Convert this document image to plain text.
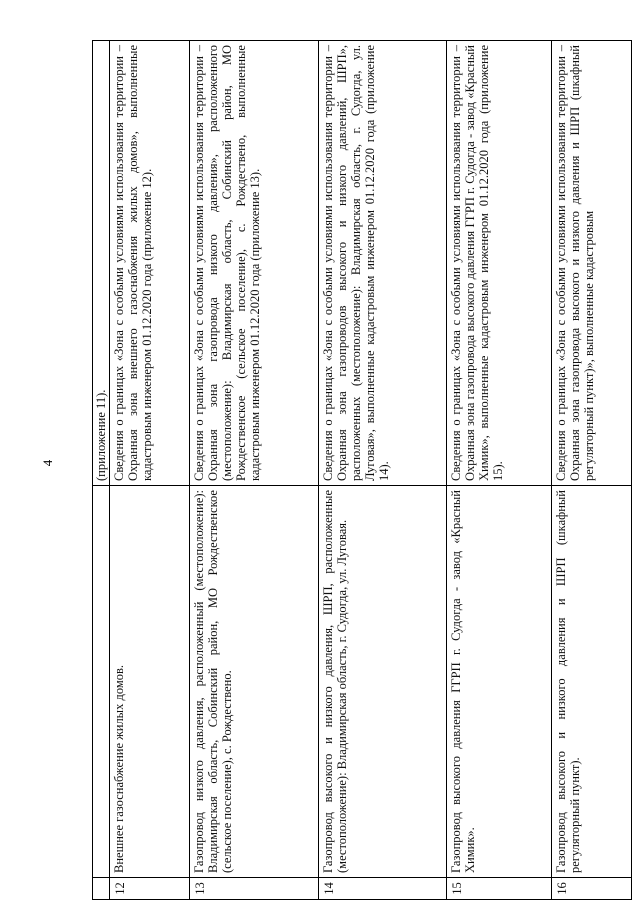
4
			(приложение 11).
12	Внешнее газоснабжение жилых домов.	Сведения о границах «Зона с особыми условиями использования территории – Охранная зона внешнего газоснабжения жилых домов», выполненные кадастровым инженером 01.12.2020 года (приложение 12).
13	Газопровод низкого давления, расположенный (местоположение): Владимирская область, Собинский район, МО Рождественское (сельское поселение), с. Рождествено.	Сведения о границах «Зона с особыми условиями использования территории – Охранная зона газопровода низкого давления», расположенного (местоположение): Владимирская область, Собинский район, МО Рождественское (сельское поселение), с. Рождествено, выполненные кадастровым инженером 01.12.2020 года (приложение 13).
14	Газопровод высокого и низкого давления, ШРП, расположенные (местоположение): Владимирская область, г. Судогда, ул. Луговая.	Сведения о границах «Зона с особыми условиями использования территории – Охранная зона газопроводов высокого и низкого давлений, ШРП», расположенных (местоположение): Владимирская область, г. Судогда, ул. Луговая», выполненные кадастровым инженером 01.12.2020 года (приложение 14).
15	Газопровод высокого давления ГГРП г. Судогда - завод «Красный Химик».	Сведения о границах «Зона с особыми условиями использования территории – Охранная зона газопровода высокого давления ГГРП г. Судогда - завод «Красный Химик», выполненные кадастровым инженером 01.12.2020 года (приложение 15).
16	Газопровод высокого и низкого давления и ШРП (шкафный регуляторный пункт).	Сведения о границах «Зона с особыми условиями использования территории – Охранная зона газопровода высокого и низкого давления и ШРП (шкафный регуляторный пункт)», выполненные кадастровым
